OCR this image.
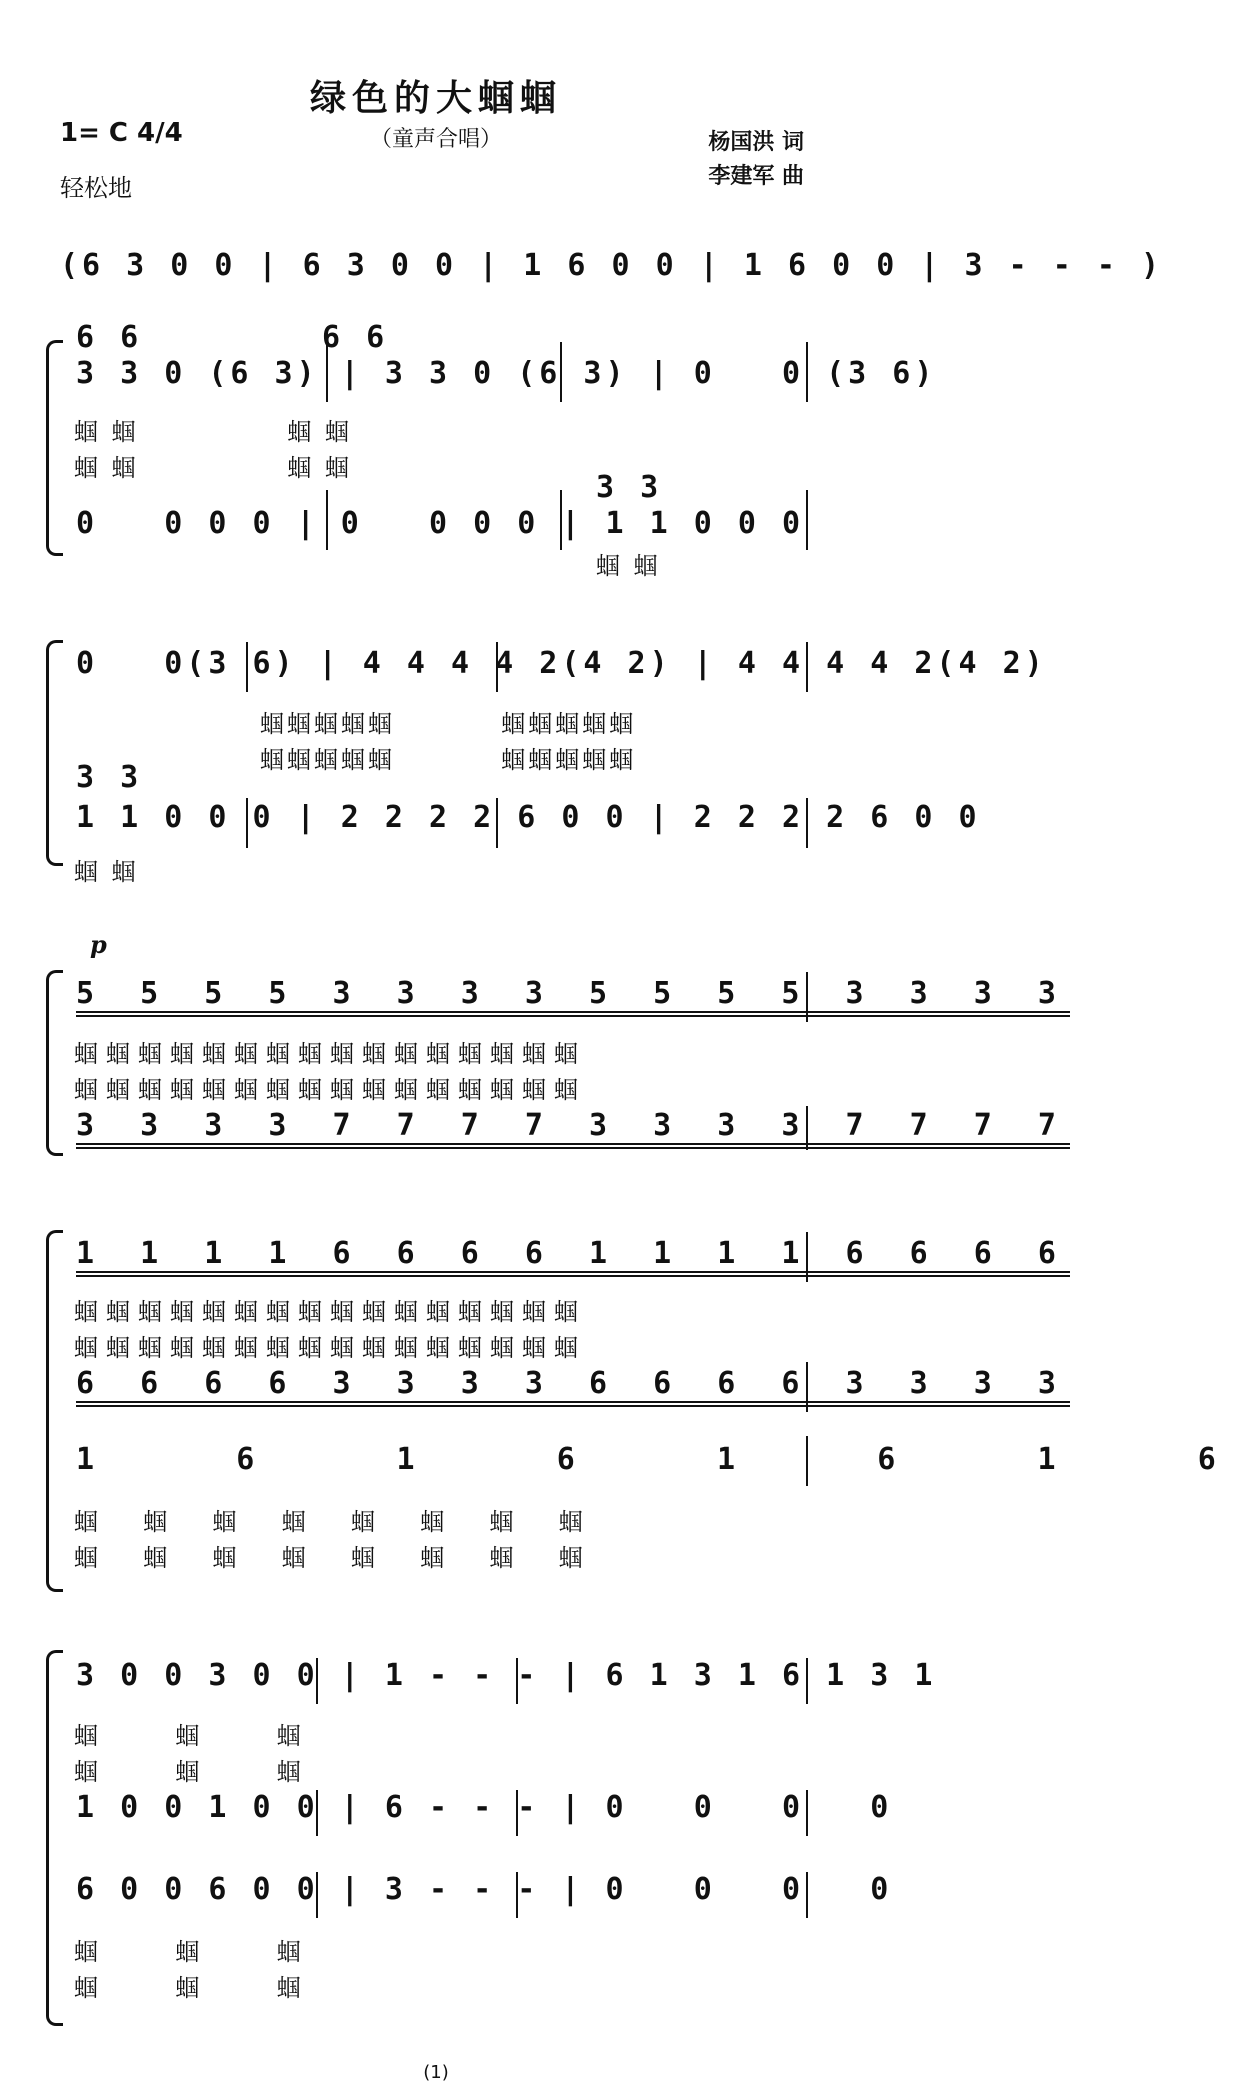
绿色的大蝈蝈
（童声合唱）
1= C 4/4
轻松地
杨国洪 词
李建军 曲
(6 3 0 0 | 6 3 0 0 | 1 6 0 0 | 1 6 0 0 | 3 - - - )
6 6	6 6
3 3 0 (6 3) | 3 3 0 (6 3) | 0   0 (3 6)
蝈 蝈              蝈 蝈
蝈 蝈              蝈 蝈
3 3
0   0 0 0 | 0   0 0 0 | 1 1 0 0 0
蝈 蝈
0   0(3 6) | 4 4 4 4 2(4 2) | 4 4 4 4 2(4 2)
蝈蝈蝈蝈蝈          蝈蝈蝈蝈蝈
蝈蝈蝈蝈蝈          蝈蝈蝈蝈蝈
3 3
1 1 0 0 0 | 2 2 2 2 6 0 0 | 2 2 2 2 6 0 0
蝈 蝈
p
5 5 5 5 3 3 3 3 5 5 5 5 3 3 3 3
蝈蝈蝈蝈蝈蝈蝈蝈蝈蝈蝈蝈蝈蝈蝈蝈
蝈蝈蝈蝈蝈蝈蝈蝈蝈蝈蝈蝈蝈蝈蝈蝈
3 3 3 3 7 7 7 7 3 3 3 3 7 7 7 7
1 1 1 1 6 6 6 6 1 1 1 1 6 6 6 6
蝈蝈蝈蝈蝈蝈蝈蝈蝈蝈蝈蝈蝈蝈蝈蝈
蝈蝈蝈蝈蝈蝈蝈蝈蝈蝈蝈蝈蝈蝈蝈蝈
6 6 6 6 3 3 3 3 6 6 6 6 3 3 3 3
1   6   1   6   1   6   1   6
蝈  蝈  蝈  蝈  蝈  蝈  蝈  蝈
蝈  蝈  蝈  蝈  蝈  蝈  蝈  蝈
3 0 0 3 0 0 | 1 - - - | 6 1 3 1 6 1 3 1
蝈       蝈       蝈
蝈       蝈       蝈
1 0 0 1 0 0 | 6 - - - | 0   0   0   0
6 0 0 6 0 0 | 3 - - - | 0   0   0   0
蝈       蝈       蝈
蝈       蝈       蝈
(1)
